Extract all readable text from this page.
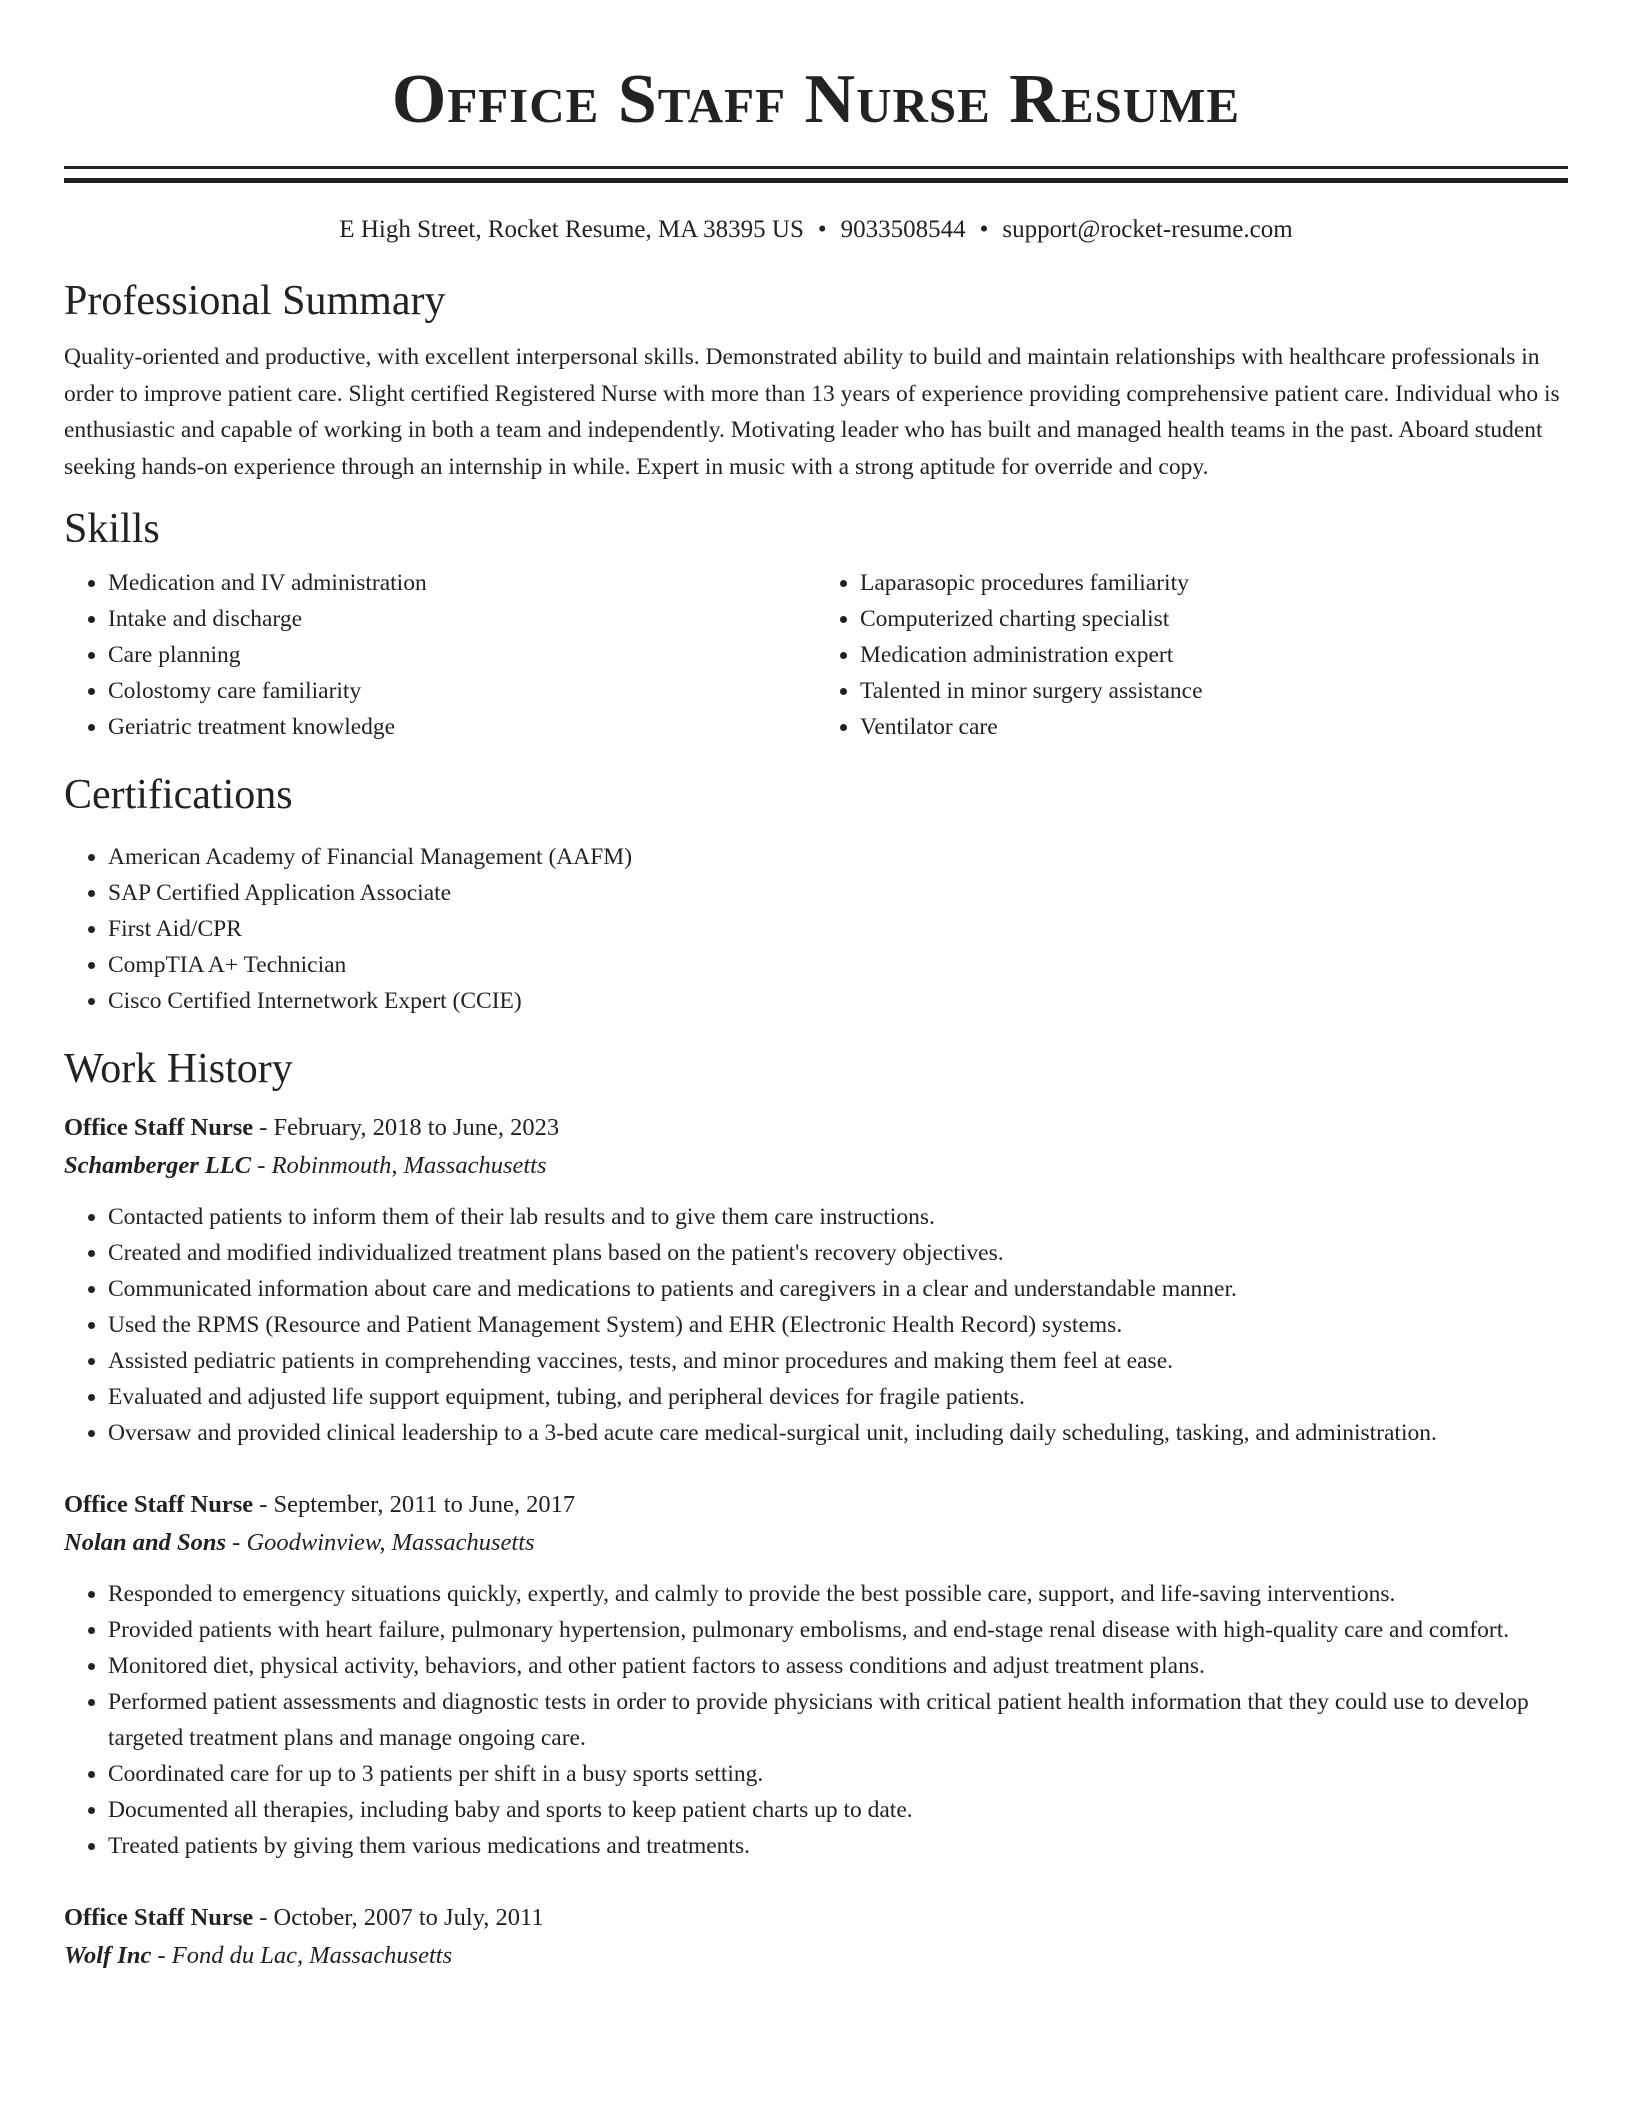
Office Staff Nurse Resume
E High Street, Rocket Resume, MA 38395 US • 9033508544 • support@rocket-resume.com
Professional Summary

Quality-oriented and productive, with excellent interpersonal skills. Demonstrated ability to build and maintain relationships with healthcare professionals in order to improve patient care. Slight certified Registered Nurse with more than 13 years of experience providing comprehensive patient care. Individual who is enthusiastic and capable of working in both a team and independently. Motivating leader who has built and managed health teams in the past. Aboard student seeking hands-on experience through an internship in while. Expert in music with a strong aptitude for override and copy.

Skills
• Medication and IV administration
• Intake and discharge
• Care planning
• Colostomy care familiarity
• Geriatric treatment knowledge
• Laparasopic procedures familiarity
• Computerized charting specialist
• Medication administration expert
• Talented in minor surgery assistance
• Ventilator care
Certifications
• American Academy of Financial Management (AAFM)
• SAP Certified Application Associate
• First Aid/CPR
• CompTIA A+ Technician
• Cisco Certified Internetwork Expert (CCIE)
Work History
Office Staff Nurse - February, 2018 to June, 2023
Schamberger LLC - Robinmouth, Massachusetts
• Contacted patients to inform them of their lab results and to give them care instructions.
• Created and modified individualized treatment plans based on the patient's recovery objectives.
• Communicated information about care and medications to patients and caregivers in a clear and understandable manner.
• Used the RPMS (Resource and Patient Management System) and EHR (Electronic Health Record) systems.
• Assisted pediatric patients in comprehending vaccines, tests, and minor procedures and making them feel at ease.
• Evaluated and adjusted life support equipment, tubing, and peripheral devices for fragile patients.
• Oversaw and provided clinical leadership to a 3-bed acute care medical-surgical unit, including daily scheduling, tasking, and administration.
Office Staff Nurse - September, 2011 to June, 2017
Nolan and Sons - Goodwinview, Massachusetts
• Responded to emergency situations quickly, expertly, and calmly to provide the best possible care, support, and life-saving interventions.
• Provided patients with heart failure, pulmonary hypertension, pulmonary embolisms, and end-stage renal disease with high-quality care and comfort.
• Monitored diet, physical activity, behaviors, and other patient factors to assess conditions and adjust treatment plans.
• Performed patient assessments and diagnostic tests in order to provide physicians with critical patient health information that they could use to develop targeted treatment plans and manage ongoing care.
• Coordinated care for up to 3 patients per shift in a busy sports setting.
• Documented all therapies, including baby and sports to keep patient charts up to date.
• Treated patients by giving them various medications and treatments.
Office Staff Nurse - October, 2007 to July, 2011
Wolf Inc - Fond du Lac, Massachusetts
